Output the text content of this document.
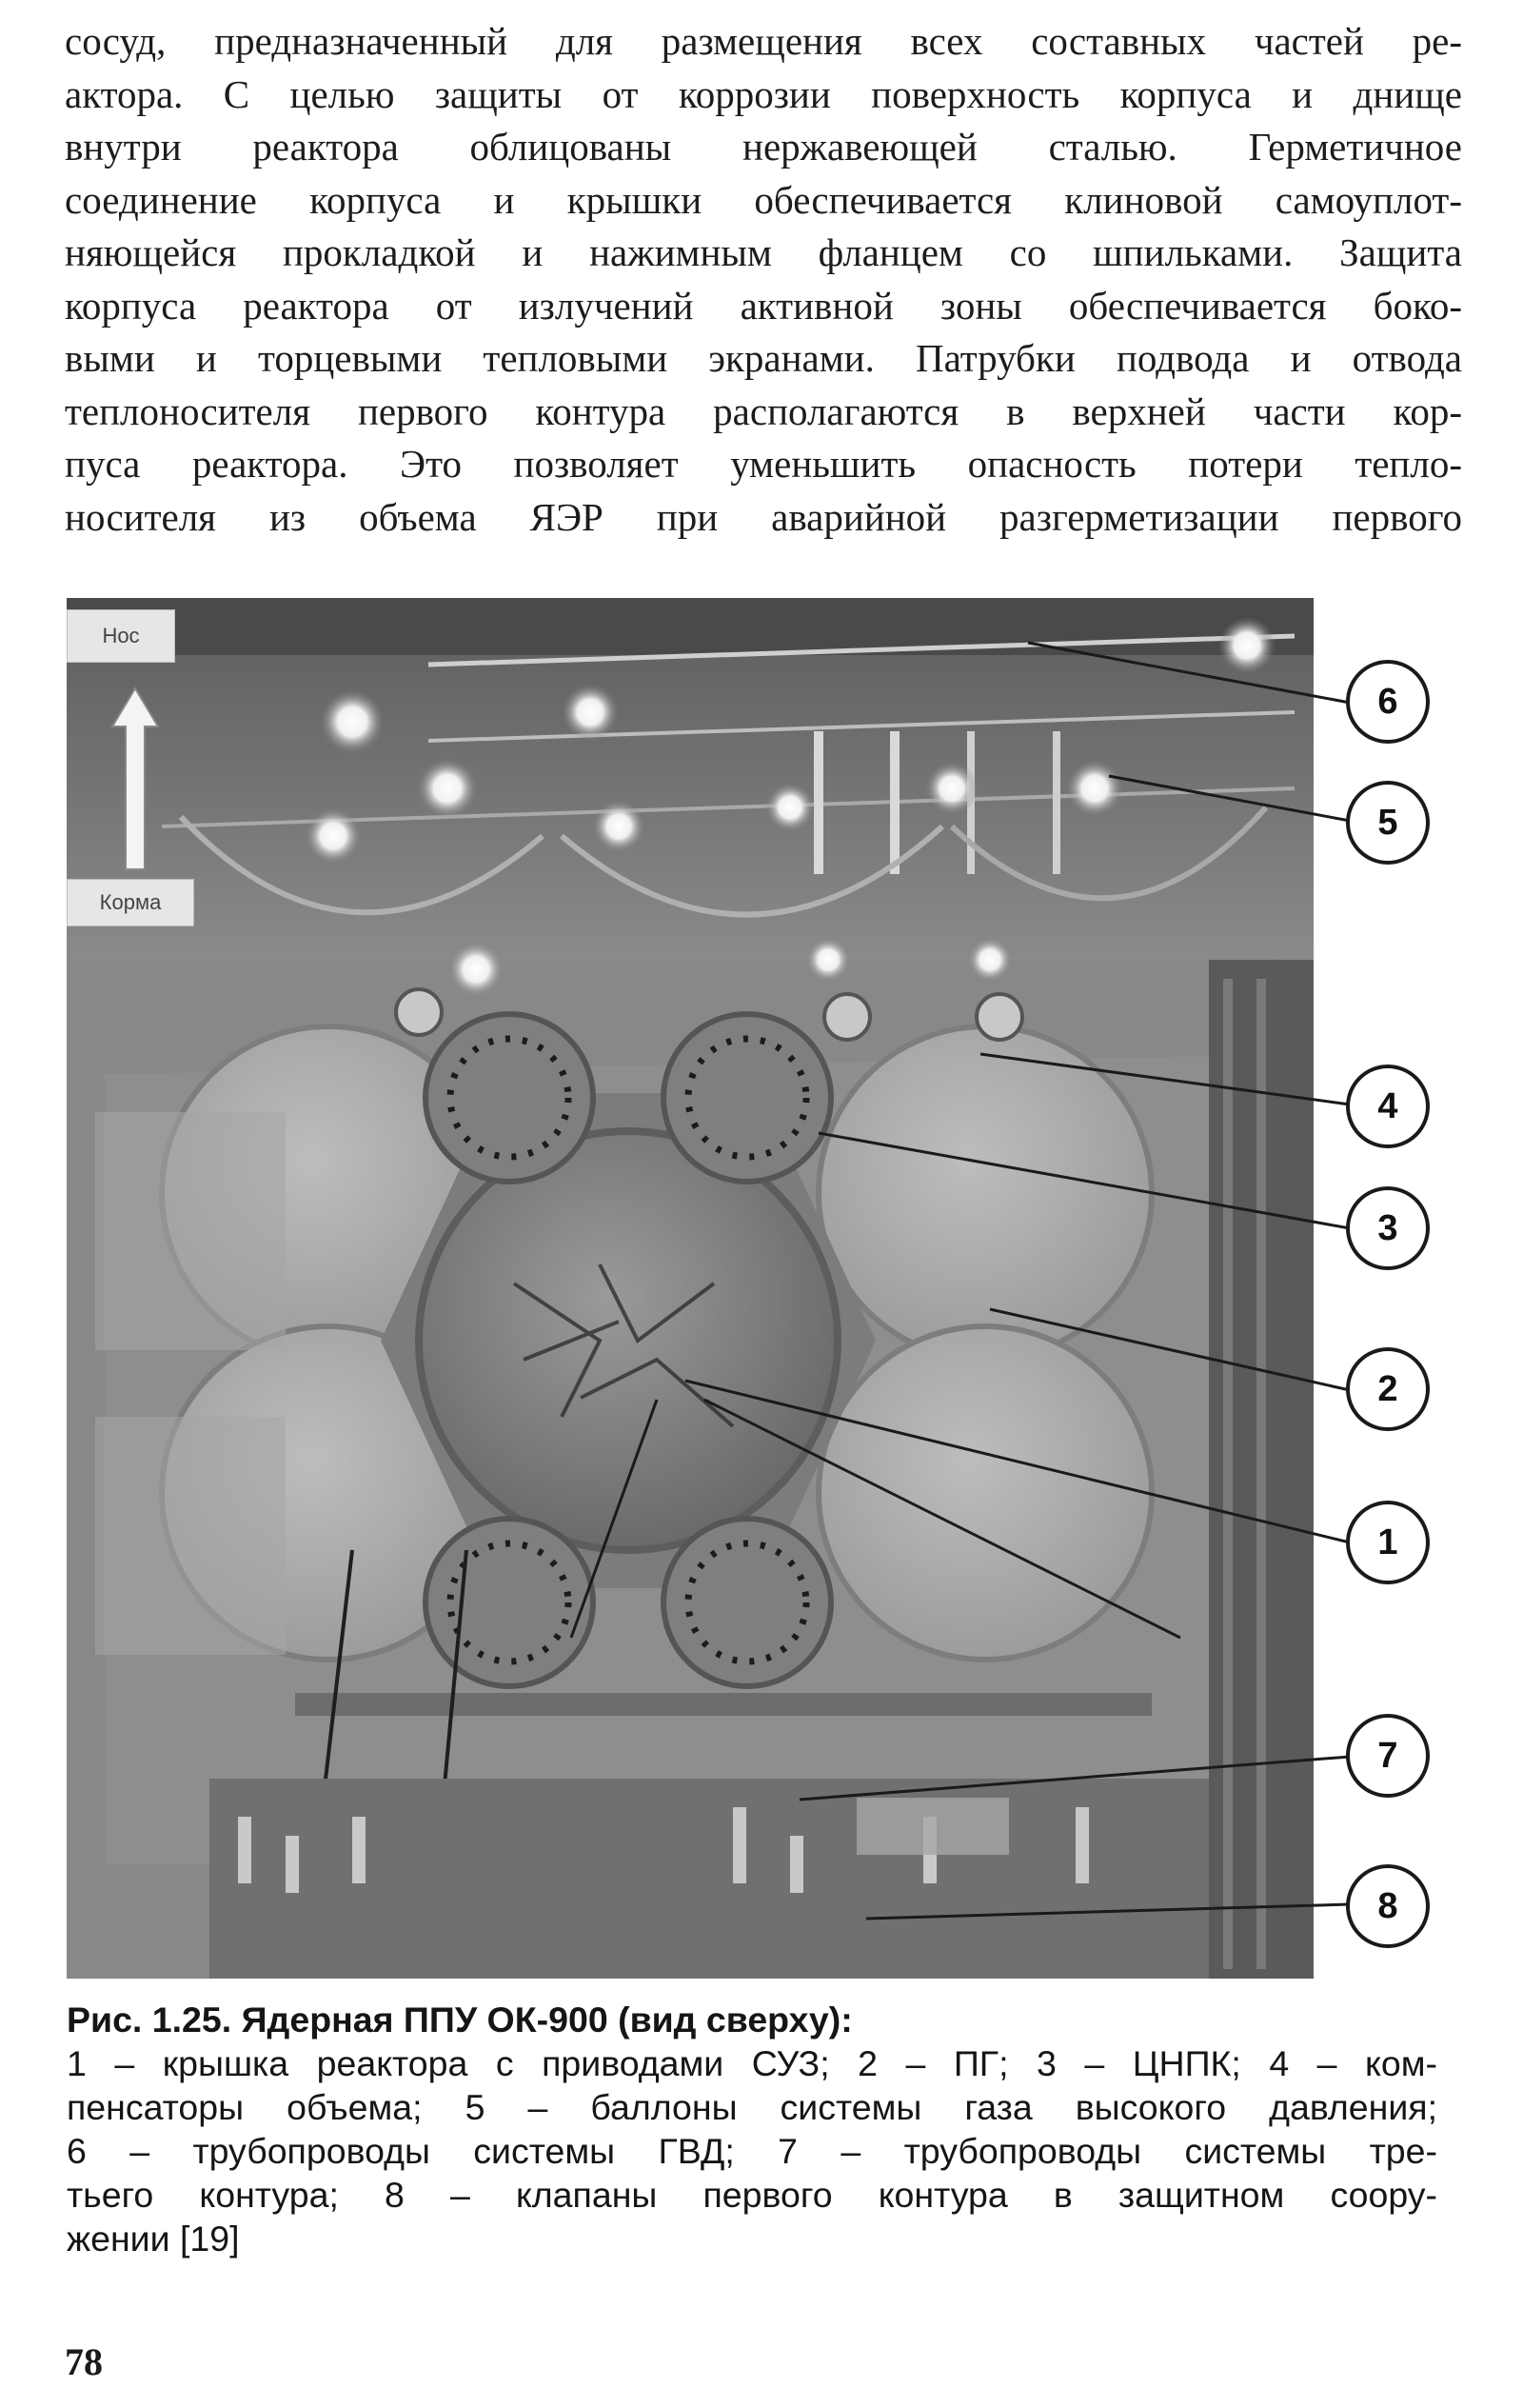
сосуд, предназначенный для размещения всех составных частей ре-
актора. С целью защиты от коррозии поверхность корпуса и днище
внутри реактора облицованы нержавеющей сталью. Герметичное
соединение корпуса и крышки обеспечивается клиновой самоуплот-
няющейся прокладкой и нажимным фланцем со шпильками. Защита
корпуса реактора от излучений активной зоны обеспечивается боко-
выми и торцевыми тепловыми экранами. Патрубки подвода и отвода
теплоносителя первого контура располагаются в верхней части кор-
пуса реактора. Это позволяет уменьшить опасность потери тепло-
носителя из объема ЯЭР при аварийной разгерметизации первого
Нос
Корма
6
5
4
3
2
1
7
8
Рис. 1.25. Ядерная ППУ ОК-900 (вид сверху):
1 – крышка реактора с приводами СУЗ; 2 – ПГ; 3 – ЦНПК; 4 – ком-
пенсаторы объема; 5 – баллоны системы газа высокого давления;
6 – трубопроводы системы ГВД; 7 – трубопроводы системы тре-
тьего контура; 8 – клапаны первого контура в защитном соору-
жении [19]
78
